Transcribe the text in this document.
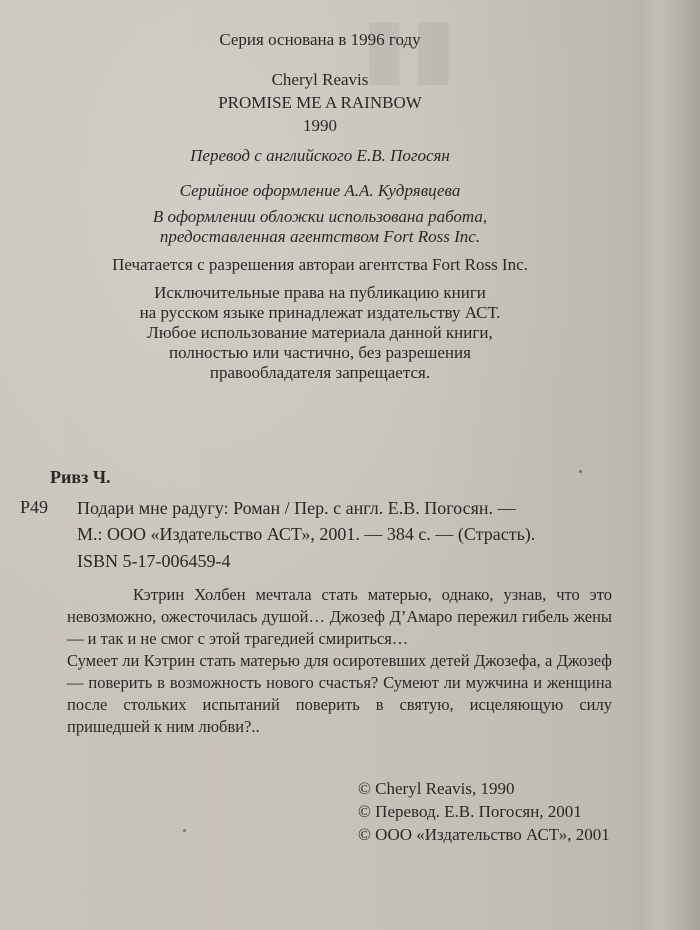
▮▮

Серия основана в 1996 году

Cheryl Reavis

PROMISE ME A RAINBOW

1990

Перевод с английского Е.В. Погосян

Серийное оформление А.А. Кудрявцева

В оформлении обложки использована работа,

предоставленная агентством Fort Ross Inc.

Печатается с разрешения автораи агентства Fort Ross Inc.

Исключительные права на публикацию книги

на русском языке принадлежат издательству АСТ.

Любое использование материала данной книги,

полностью или частично, без разрешения

правообладателя запрещается.

Ривз Ч.
Р49 Подари мне радугу: Роман / Пер. с англ. Е.В. Погосян. —
М.: ООО «Издательство АСТ», 2001. — 384 с. — (Страсть).
ISBN 5-17-006459-4

Кэтрин Холбен мечтала стать матерью, однако, узнав, что это невозможно, ожесточилась душой… Джозеф Д’Амаро пережил гибель жены — и так и не смог с этой трагедией смириться…

Сумеет ли Кэтрин стать матерью для осиротевших детей Джозефа, а Джозеф — поверить в возможность нового счастья? Сумеют ли мужчина и женщина после стольких испытаний поверить в святую, исцеляющую силу пришедшей к ним любви?..

© Cheryl Reavis, 1990
© Перевод. Е.В. Погосян, 2001
© ООО «Издательство АСТ», 2001
